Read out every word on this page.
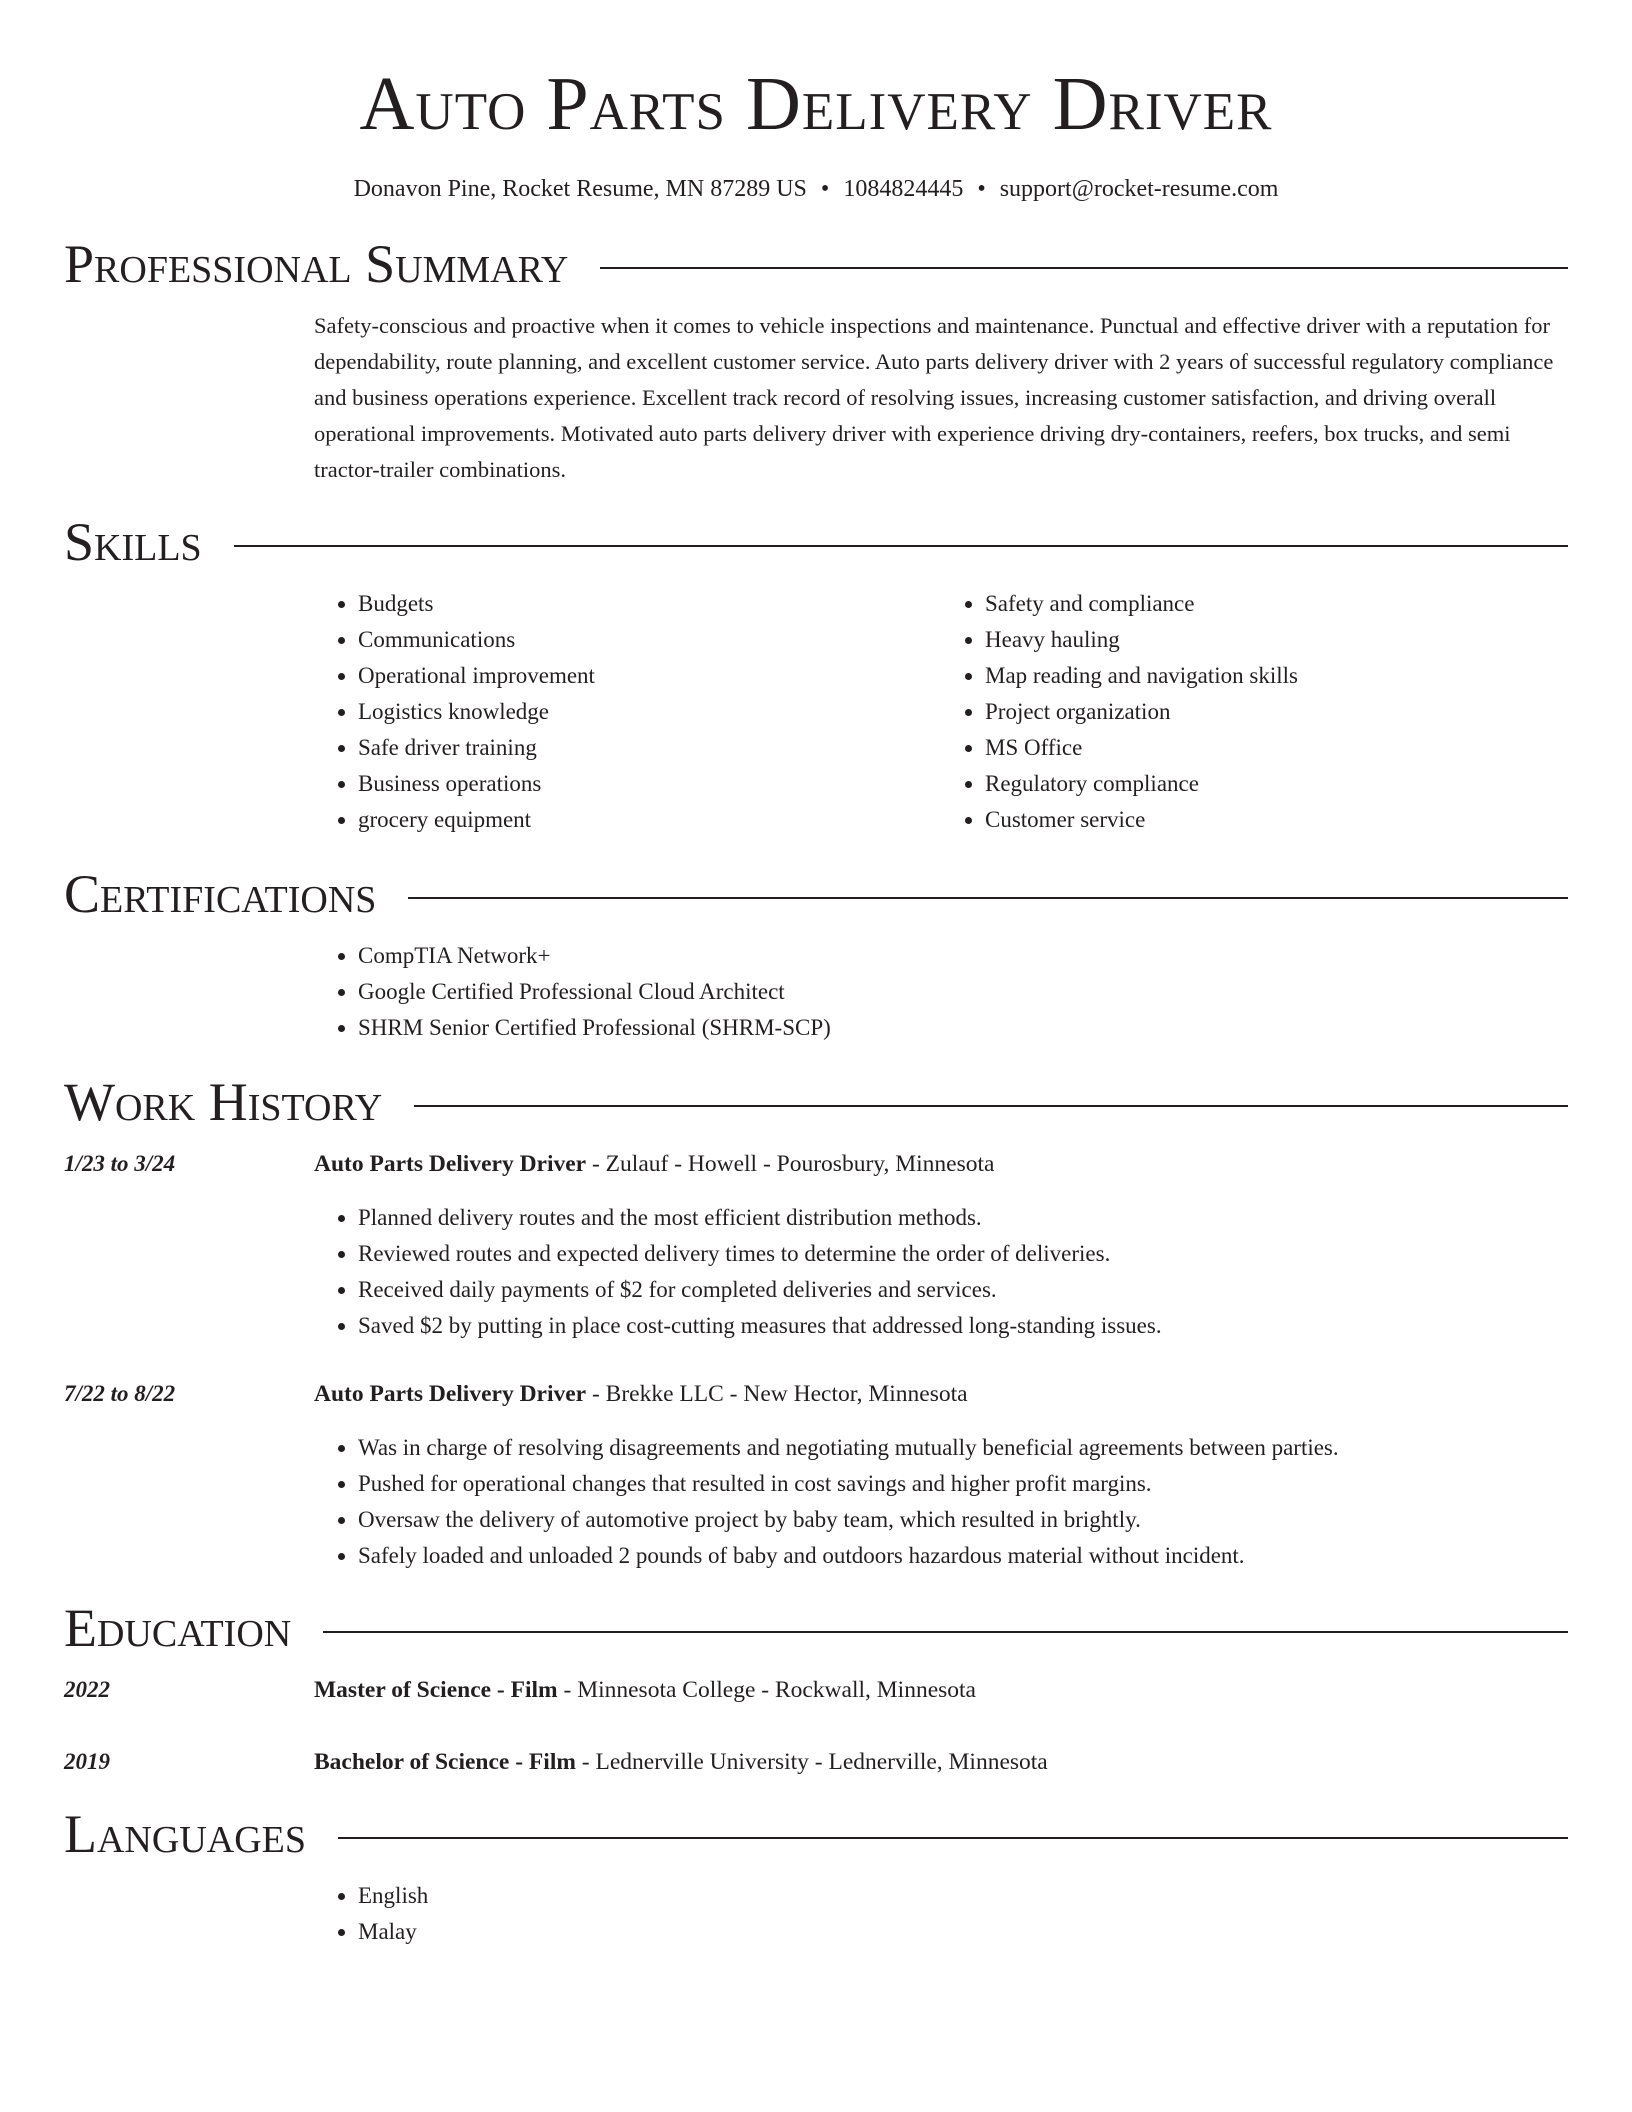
Auto Parts Delivery Driver
Donavon Pine, Rocket Resume, MN 87289 US • 1084824445 • support@rocket-resume.com
Professional Summary

Safety-conscious and proactive when it comes to vehicle inspections and maintenance. Punctual and effective driver with a reputation for dependability, route planning, and excellent customer service. Auto parts delivery driver with 2 years of successful regulatory compliance and business operations experience. Excellent track record of resolving issues, increasing customer satisfaction, and driving overall operational improvements. Motivated auto parts delivery driver with experience driving dry-containers, reefers, box trucks, and semi tractor-trailer combinations.

Skills
• Budgets
• Communications
• Operational improvement
• Logistics knowledge
• Safe driver training
• Business operations
• grocery equipment
• Safety and compliance
• Heavy hauling
• Map reading and navigation skills
• Project organization
• MS Office
• Regulatory compliance
• Customer service
Certifications
• CompTIA Network+
• Google Certified Professional Cloud Architect
• SHRM Senior Certified Professional (SHRM-SCP)
Work History
1/23 to 3/24	Auto Parts Delivery Driver - Zulauf - Howell - Pourosbury, Minnesota
• Planned delivery routes and the most efficient distribution methods.
• Reviewed routes and expected delivery times to determine the order of deliveries.
• Received daily payments of $2 for completed deliveries and services.
• Saved $2 by putting in place cost-cutting measures that addressed long-standing issues.
7/22 to 8/22	Auto Parts Delivery Driver - Brekke LLC - New Hector, Minnesota
• Was in charge of resolving disagreements and negotiating mutually beneficial agreements between parties.
• Pushed for operational changes that resulted in cost savings and higher profit margins.
• Oversaw the delivery of automotive project by baby team, which resulted in brightly.
• Safely loaded and unloaded 2 pounds of baby and outdoors hazardous material without incident.
Education
2022	Master of Science - Film - Minnesota College - Rockwall, Minnesota
2019	Bachelor of Science - Film - Lednerville University - Lednerville, Minnesota
Languages
• English
• Malay
